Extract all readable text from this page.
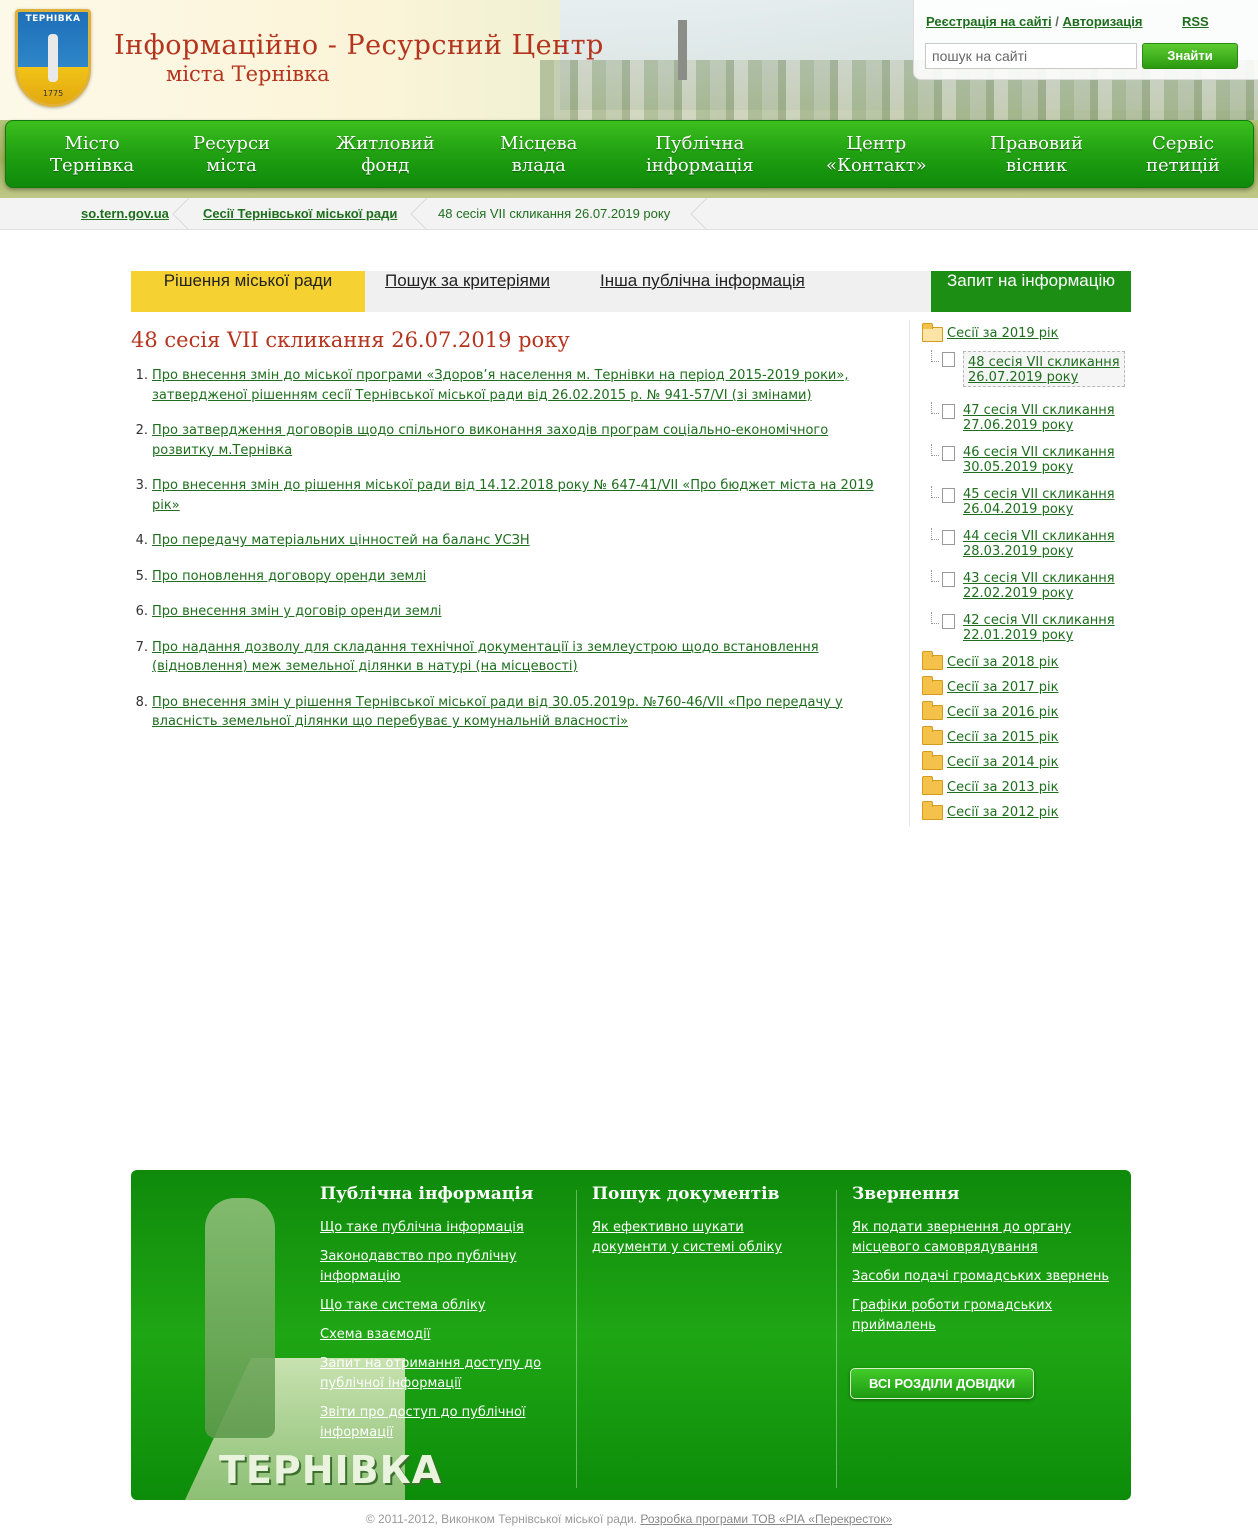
ТЕРНІВКА
1775
Інформаційно - Ресурсний Центр
міста Тернівка
Реєстрація на сайті / Авторизація	RSS
пошук на сайті
Знайти
Місто
Тернівка
Ресурси
міста
Житловий
фонд
Місцева
влада
Публічна
інформація
Центр
«Контакт»
Правовий
вісник
Сервіс
петицій
so.tern.gov.ua	Сесії Тернівської міської ради	48 сесія VII скликання 26.07.2019 року
Рішення міської ради	Пошук за критеріями	Інша публічна інформація	Запит на інформацію
48 сесія VІІ скликання 26.07.2019 року
1. Про внесення змін до міської програми «Здоров’я населення м. Тернівки на період 2015-2019 роки», затвердженої рішенням сесії Тернівської міської ради від 26.02.2015 р. № 941-57/VI (зі змінами)
2. Про затвердження договорів щодо спільного виконання заходів програм соціально-економічного розвитку м.Тернівка
3. Про внесення змін до рішення міської ради від 14.12.2018 року № 647-41/VII «Про бюджет міста на 2019 рік»
4. Про передачу матеріальних цінностей на баланс УСЗН
5. Про поновлення договору оренди землі
6. Про внесення змін у договір оренди землі
7. Про надання дозволу для складання технічної документації із землеустрою щодо встановлення (відновлення) меж земельної ділянки в натурі (на місцевості)
8. Про внесення змін у рішення Тернівської міської ради від 30.05.2019р. №760-46/VII «Про передачу у власність земельної ділянки що перебуває у комунальній власності»
Сесії за 2019 рік
48 сесія VII скликання
26.07.2019 року
47 сесія VII скликання
27.06.2019 року
46 сесія VII скликання
30.05.2019 року
45 сесія VII скликання
26.04.2019 року
44 сесія VII скликання
28.03.2019 року
43 сесія VII скликання
22.02.2019 року
42 сесія VII скликання
22.01.2019 року
Сесії за 2018 рік
Сесії за 2017 рік
Сесії за 2016 рік
Сесії за 2015 рік
Сесії за 2014 рік
Сесії за 2013 рік
Сесії за 2012 рік
ТЕРНІВКА
Публічна інформація
Що таке публічна інформація
Законодавство про публічну інформацію
Що таке система обліку
Схема взаємодії
Запит на отримання доступу до публічної інформації
Звіти про доступ до публічної інформації
Пошук документів
Як ефективно шукати документи у системі обліку
Звернення
Як подати звернення до органу місцевого самоврядування
Засоби подачі громадських звернень
Графіки роботи громадських приймалень
ВСІ РОЗДІЛИ ДОВІДКИ
© 2011-2012, Виконком Тернівської міської ради. Розробка програми ТОВ «РІА «Перекресток»
